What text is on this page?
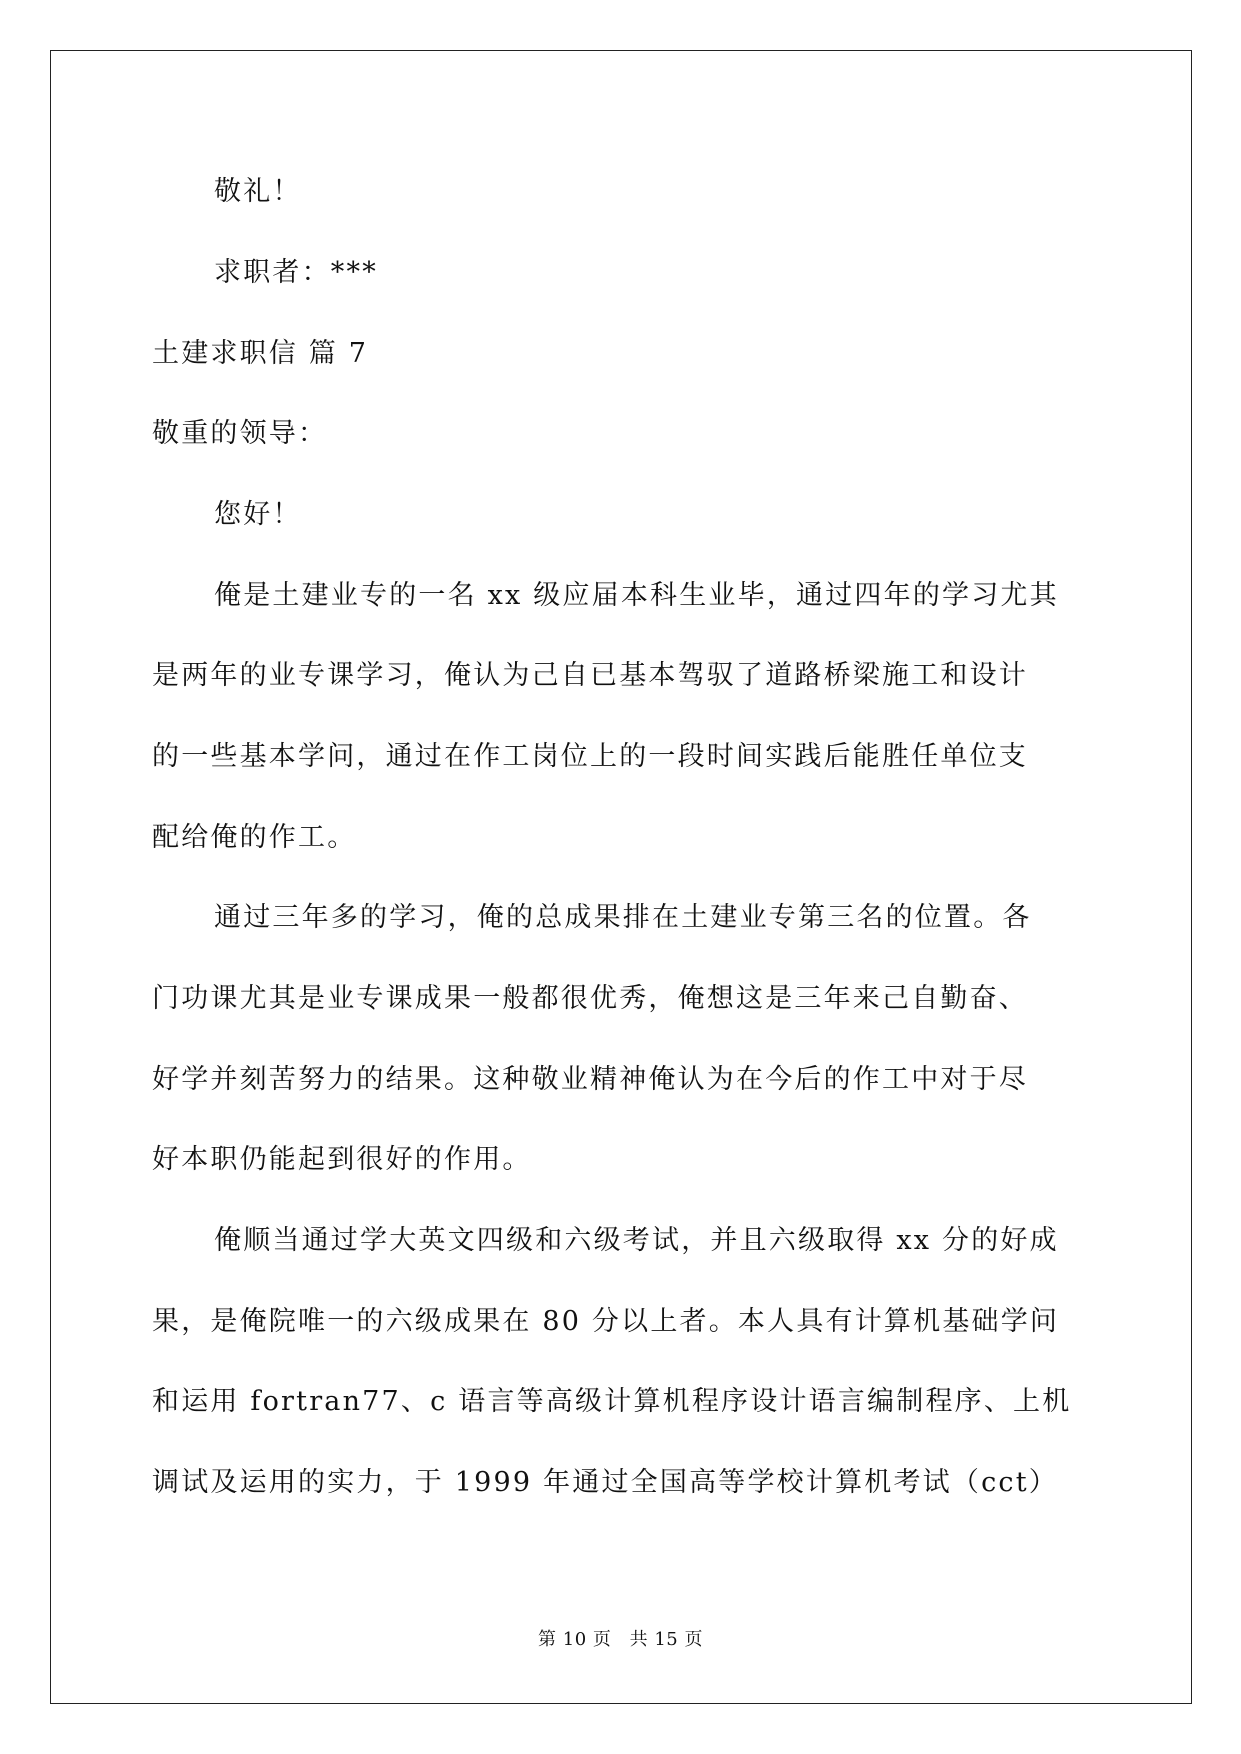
敬礼！
求职者：***
土建求职信 篇 7
敬重的领导：
您好！
俺是土建业专的一名 xx 级应届本科生业毕，通过四年的学习尤其
是两年的业专课学习，俺认为己自已基本驾驭了道路桥梁施工和设计
的一些基本学问，通过在作工岗位上的一段时间实践后能胜任单位支
配给俺的作工。
通过三年多的学习，俺的总成果排在土建业专第三名的位置。各
门功课尤其是业专课成果一般都很优秀，俺想这是三年来己自勤奋、
好学并刻苦努力的结果。这种敬业精神俺认为在今后的作工中对于尽
好本职仍能起到很好的作用。
俺顺当通过学大英文四级和六级考试，并且六级取得 xx 分的好成
果，是俺院唯一的六级成果在 80 分以上者。本人具有计算机基础学问
和运用 fortran77、c 语言等高级计算机程序设计语言编制程序、上机
调试及运用的实力，于 1999 年通过全国高等学校计算机考试（cct）
第 10 页 共 15 页
